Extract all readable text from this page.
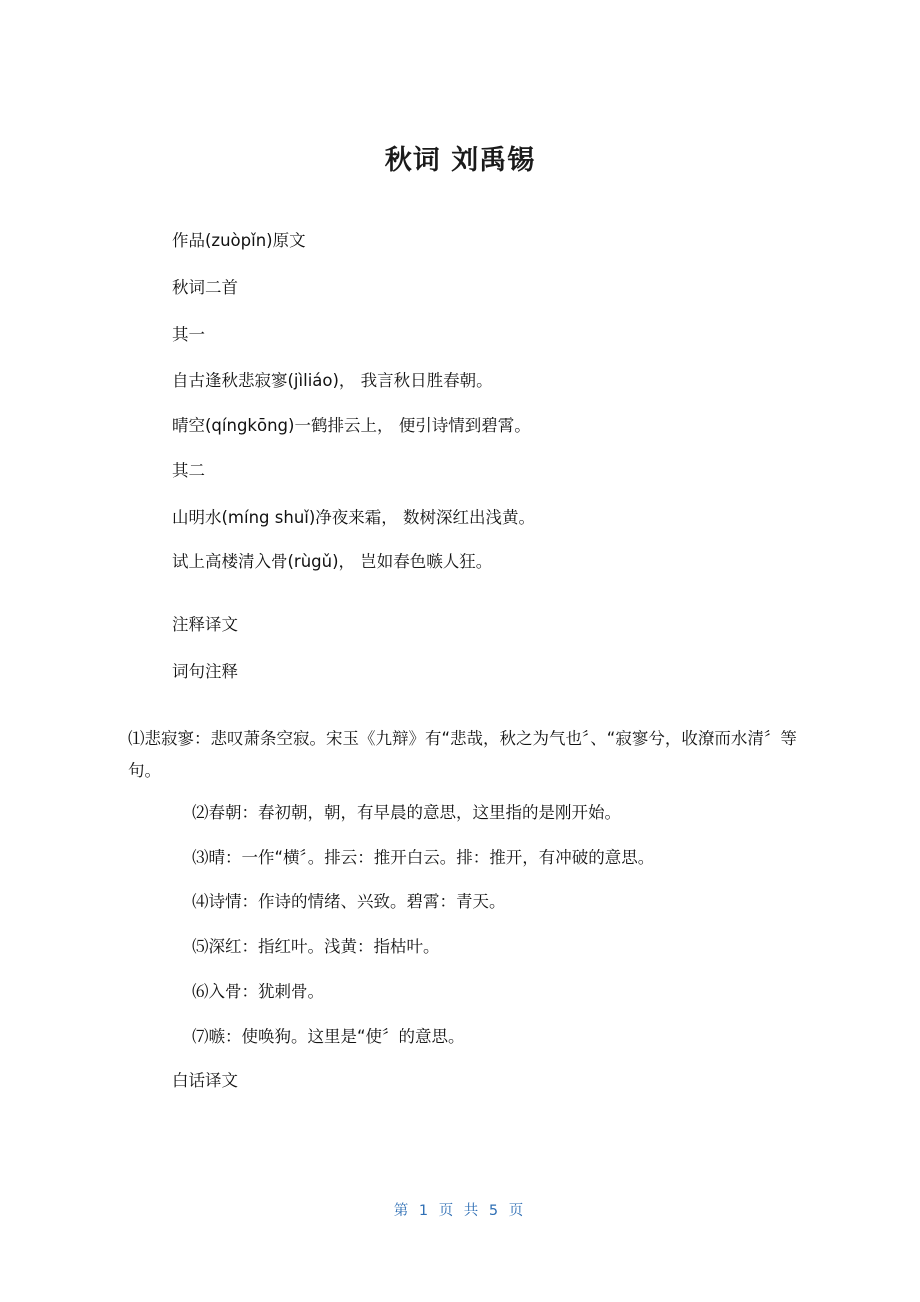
秋词 刘禹锡
作品(zuòpǐn)原文
秋词二首
其一
自古逢秋悲寂寥(jìliáo)， 我言秋日胜春朝。
晴空(qíngkōng)一鹤排云上， 便引诗情到碧霄。
其二
山明水(míng shuǐ)净夜来霜， 数树深红出浅黄。
试上高楼清入骨(rùgǔ)， 岂如春色嗾人狂。
注释译文
词句注释
⑴悲寂寥：悲叹萧条空寂。宋玉《九辩》有“悲哉，秋之为气也〞、“寂寥兮，收潦而水清〞等句。
⑵春朝：春初朝，朝，有早晨的意思，这里指的是刚开始。
⑶晴：一作“横〞。排云：推开白云。排：推开，有冲破的意思。
⑷诗情：作诗的情绪、兴致。碧霄：青天。
⑸深红：指红叶。浅黄：指枯叶。
⑹入骨：犹刺骨。
⑺嗾：使唤狗。这里是“使〞的意思。
白话译文
第 1 页 共 5 页
